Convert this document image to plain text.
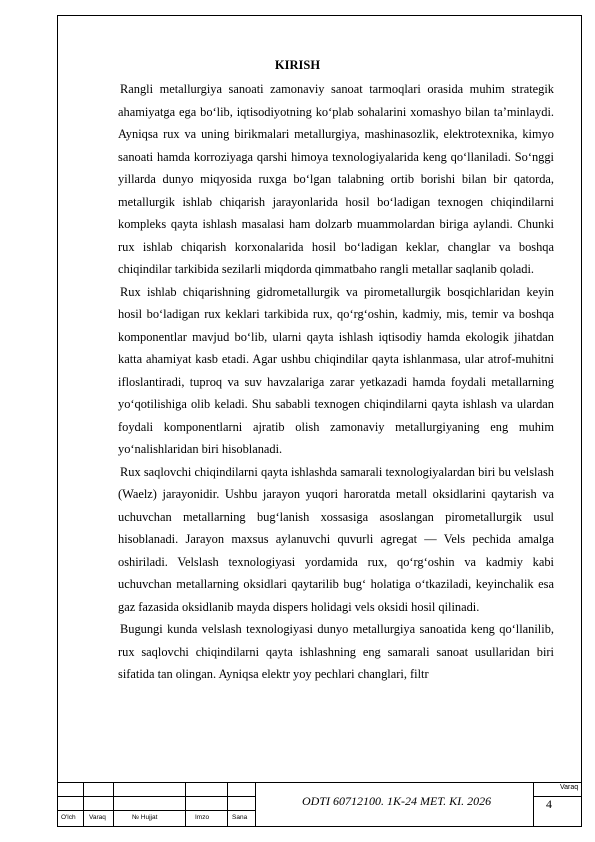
KIRISH

Rangli metallurgiya sanoati zamonaviy sanoat tarmoqlari orasida muhim strategik ahamiyatga ega bo‘lib, iqtisodiyotning ko‘plab sohalarini xomashyo bilan ta’minlaydi. Ayniqsa rux va uning birikmalari metallurgiya, mashinasozlik, elektrotexnika, kimyo sanoati hamda korroziyaga qarshi himoya texnologiyalarida keng qo‘llaniladi. So‘nggi yillarda dunyo miqyosida ruxga bo‘lgan talabning ortib borishi bilan bir qatorda, metallurgik ishlab chiqarish jarayonlarida hosil bo‘ladigan texnogen chiqindilarni kompleks qayta ishlash masalasi ham dolzarb muammolardan biriga aylandi. Chunki rux ishlab chiqarish korxonalarida hosil bo‘ladigan keklar, changlar va boshqa chiqindilar tarkibida sezilarli miqdorda qimmatbaho rangli metallar saqlanib qoladi.

Rux ishlab chiqarishning gidrometallurgik va pirometallurgik bosqichlaridan keyin hosil bo‘ladigan rux keklari tarkibida rux, qo‘rg‘oshin, kadmiy, mis, temir va boshqa komponentlar mavjud bo‘lib, ularni qayta ishlash iqtisodiy hamda ekologik jihatdan katta ahamiyat kasb etadi. Agar ushbu chiqindilar qayta ishlanmasa, ular atrof-muhitni ifloslantiradi, tuproq va suv havzalariga zarar yetkazadi hamda foydali metallarning yo‘qotilishiga olib keladi. Shu sababli texnogen chiqindilarni qayta ishlash va ulardan foydali komponentlarni ajratib olish zamonaviy metallurgiyaning eng muhim yo‘nalishlaridan biri hisoblanadi.

Rux saqlovchi chiqindilarni qayta ishlashda samarali texnologiyalardan biri bu velslash (Waelz) jarayonidir. Ushbu jarayon yuqori haroratda metall oksidlarini qaytarish va uchuvchan metallarning bug‘lanish xossasiga asoslangan pirometallurgik usul hisoblanadi. Jarayon maxsus aylanuvchi quvurli agregat — Vels pechida amalga oshiriladi. Velslash texnologiyasi yordamida rux, qo‘rg‘oshin va kadmiy kabi uchuvchan metallarning oksidlari qaytarilib bug‘ holatiga o‘tkaziladi, keyinchalik esa gaz fazasida oksidlanib mayda dispers holidagi vels oksidi hosil qilinadi.

Bugungi kunda velslash texnologiyasi dunyo metallurgiya sanoatida keng qo‘llanilib, rux saqlovchi chiqindilarni qayta ishlashning eng samarali sanoat usullaridan biri sifatida tan olingan. Ayniqsa elektr yoy pechlari changlari, filtr

O'lch Varaq	№ Hujjat	Imzo	Sana
ODTI 60712100. 1K-24 MET. KI. 2026
Varaq
4
